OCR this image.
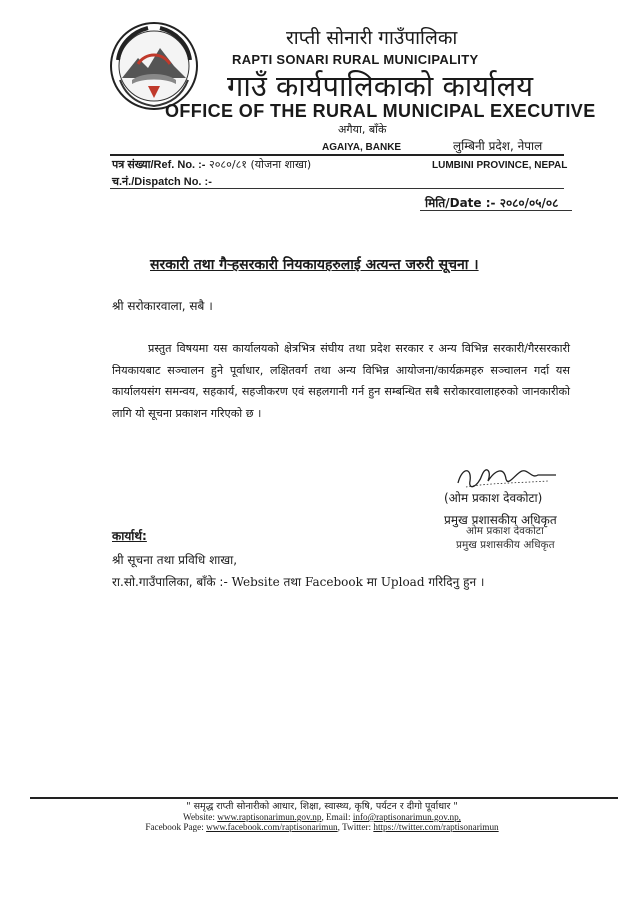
राप्ती सोनारी गाउँपालिका
RAPTI SONARI RURAL MUNICIPALITY
गाउँ कार्यपालिकाको कार्यालय
OFFICE OF THE RURAL MUNICIPAL EXECUTIVE
अगैया, बाँके
AGAIYA, BANKE	लुम्बिनी प्रदेश, नेपाल
पत्र संख्या/Ref. No. :- २०८०/८१ (योजना शाखा)	LUMBINI PROVINCE, NEPAL
च.नं./Dispatch No. :-
मिति/Date :- २०८०/०५/०८
सरकारी तथा गैर्‍हसरकारी नियकायहरुलाई अत्यन्त जरुरी सूचना ।
श्री सरोकारवाला, सबै ।
प्रस्तुत विषयमा यस कार्यालयको क्षेत्रभित्र संघीय तथा प्रदेश सरकार र अन्य विभिन्न सरकारी/गैरसरकारी नियकायबाट सञ्चालन हुने पूर्वाधार, लक्षितवर्ग तथा अन्य विभिन्न आयोजना/कार्यक्रमहरु सञ्चालन गर्दा यस कार्यालयसंग समन्वय, सहकार्य, सहजीकरण एवं सहलगानी गर्न हुन सम्बन्धित सबै सरोकारवालाहरुको जानकारीको लागि यो सूचना प्रकाशन गरिएको छ ।
(ओम प्रकाश देवकोटा)
प्रमुख प्रशासकीय अधिकृत
ओम प्रकाश देवकोटा
प्रमुख प्रशासकीय अधिकृत
कार्यार्थ:
श्री सूचना तथा प्रविधि शाखा,
रा.सो.गाउँपालिका, बाँके :- Website तथा Facebook मा Upload गरिदिनु हुन ।
" समृद्ध राप्ती सोनारीको आधार, शिक्षा, स्वास्थ्य, कृषि, पर्यटन र दीगो पूर्वाधार "
Website: www.raptisonarimun.gov.np, Email: info@raptisonarimun.gov.np,
Facebook Page: www.facebook.com/raptisonarimun, Twitter: https://twitter.com/raptisonarimun
